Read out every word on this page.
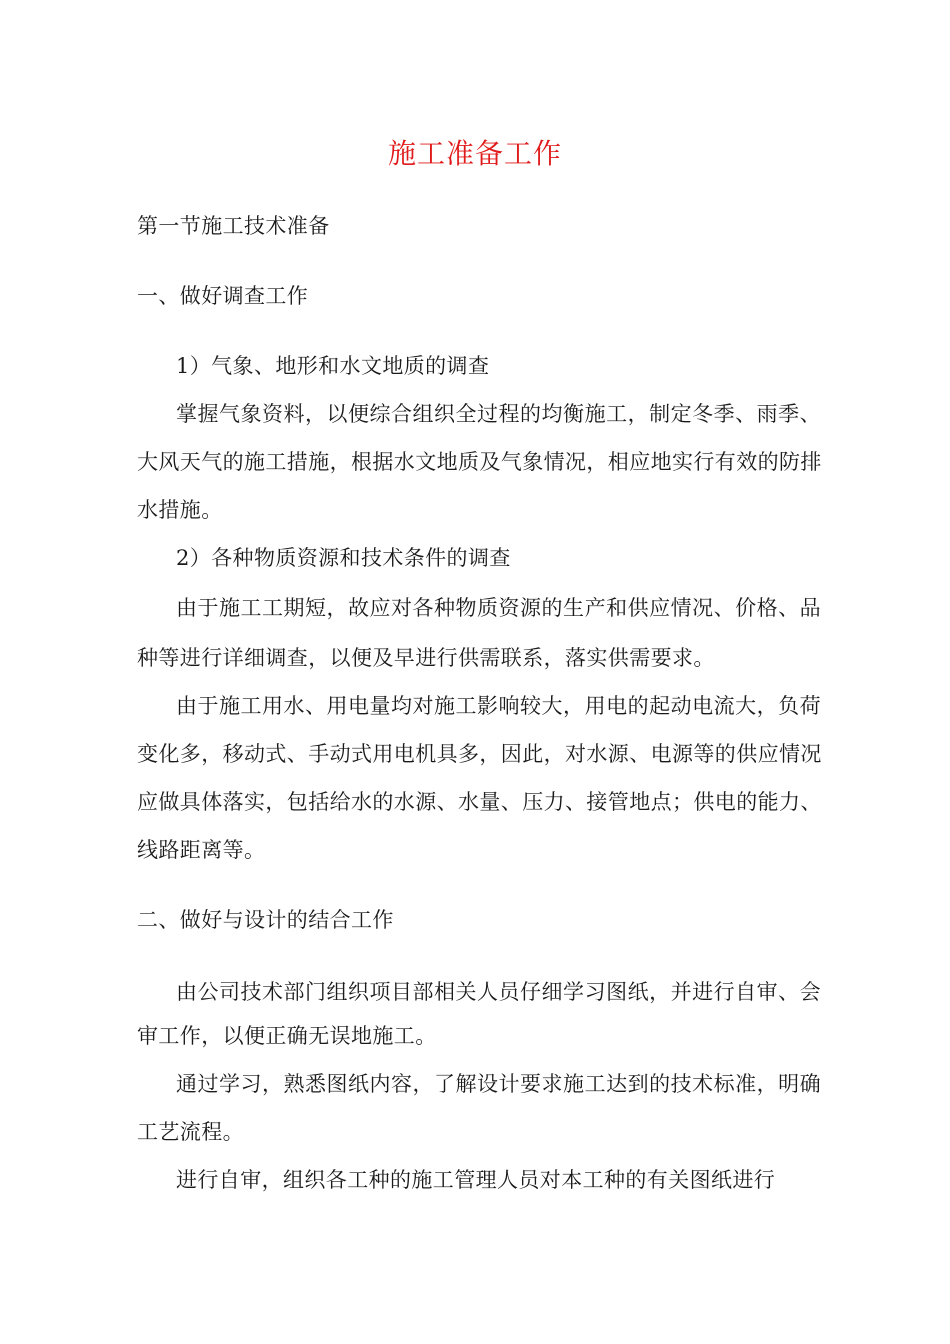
施工准备工作
第一节施工技术准备
一、做好调查工作
1）气象、地形和水文地质的调查
掌握气象资料，以便综合组织全过程的均衡施工，制定冬季、雨季、
大风天气的施工措施，根据水文地质及气象情况，相应地实行有效的防排
水措施。
2）各种物质资源和技术条件的调查
由于施工工期短，故应对各种物质资源的生产和供应情况、价格、品
种等进行详细调查，以便及早进行供需联系，落实供需要求。
由于施工用水、用电量均对施工影响较大，用电的起动电流大，负荷
变化多，移动式、手动式用电机具多，因此，对水源、电源等的供应情况
应做具体落实，包括给水的水源、水量、压力、接管地点；供电的能力、
线路距离等。
二、做好与设计的结合工作
由公司技术部门组织项目部相关人员仔细学习图纸，并进行自审、会
审工作，以便正确无误地施工。
通过学习，熟悉图纸内容，了解设计要求施工达到的技术标准，明确
工艺流程。
进行自审，组织各工种的施工管理人员对本工种的有关图纸进行
